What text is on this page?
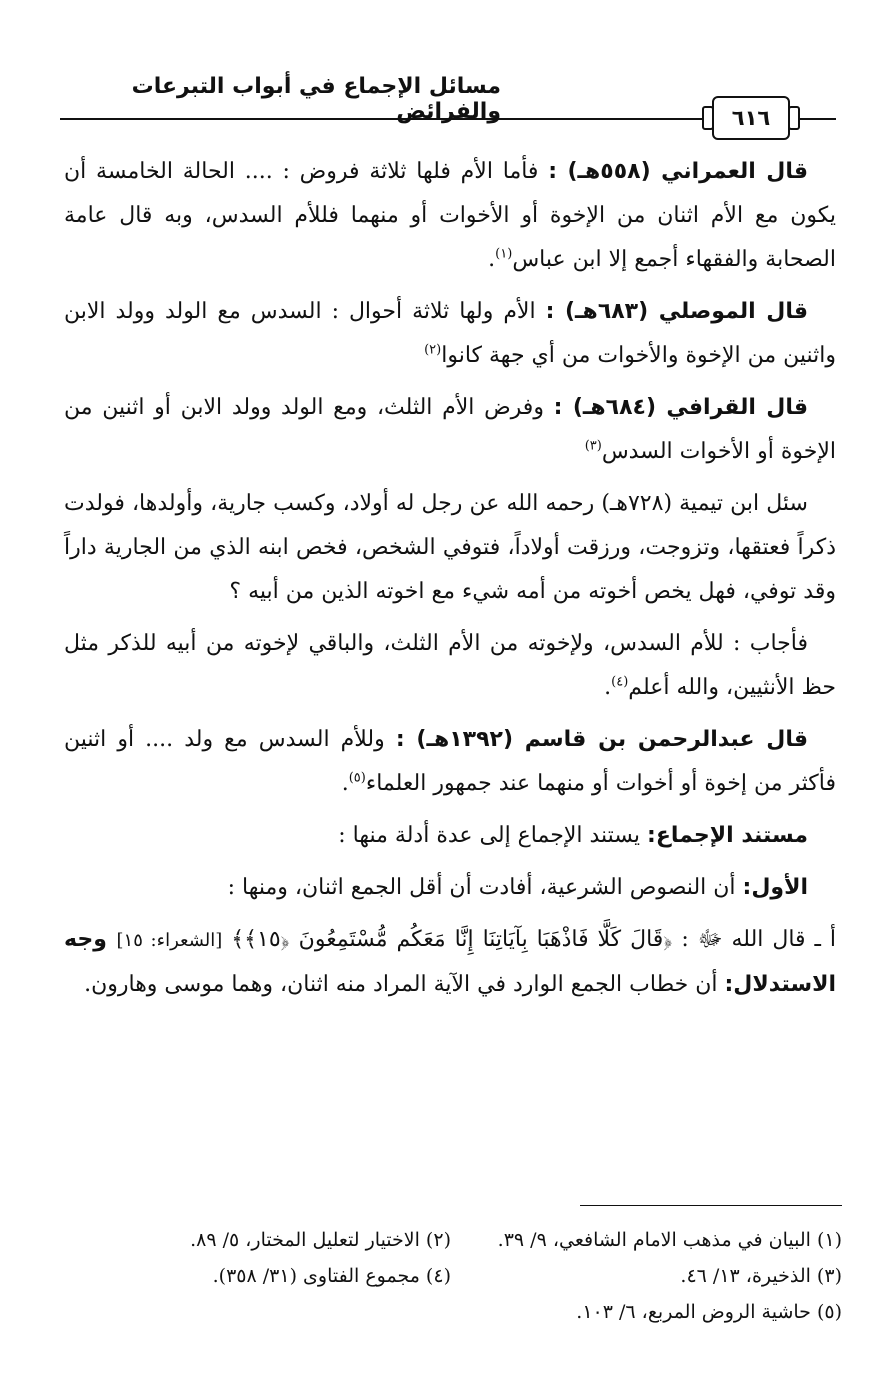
مسائل الإجماع في أبواب التبرعات والفرائض	٦١٦

قال العمراني (٥٥٨هـ) : فأما الأم فلها ثلاثة فروض : .... الحالة الخامسة أن يكون مع الأم اثنان من الإخوة أو الأخوات أو منهما فللأم السدس، وبه قال عامة الصحابة والفقهاء أجمع إلا ابن عباس$^{(١)}$.

قال الموصلي (٦٨٣هـ) : الأم ولها ثلاثة أحوال : السدس مع الولد وولد الابن واثنين من الإخوة والأخوات من أي جهة كانوا$^{(٢)}$

قال القرافي (٦٨٤هـ) : وفرض الأم الثلث، ومع الولد وولد الابن أو اثنين من الإخوة أو الأخوات السدس$^{(٣)}$

سئل ابن تيمية (٧٢٨هـ) رحمه الله عن رجل له أولاد، وكسب جارية، وأولدها، فولدت ذكراً فعتقها، وتزوجت، ورزقت أولاداً، فتوفي الشخص، فخص ابنه الذي من الجارية داراً وقد توفي، فهل يخص أخوته من أمه شيء مع اخوته الذين من أبيه ؟

فأجاب : للأم السدس، ولإخوته من الأم الثلث، والباقي لإخوته من أبيه للذكر مثل حظ الأنثيين، والله أعلم$^{(٤)}$.

قال عبدالرحمن بن قاسم (١٣٩٢هـ) : وللأم السدس مع ولد .... أو اثنين فأكثر من إخوة أو أخوات أو منهما عند جمهور العلماء$^{(٥)}$.

مستند الإجماع: يستند الإجماع إلى عدة أدلة منها :

الأول: أن النصوص الشرعية، أفادت أن أقل الجمع اثنان، ومنها :

أ ـ قال الله ﷻ : ﴿قَالَ كَلَّا فَاذْهَبَا بِآيَاتِنَا إِنَّا مَعَكُم مُّسْتَمِعُونَ ﴿١٥﴾﴾ [الشعراء: ١٥] وجه الاستدلال: أن خطاب الجمع الوارد في الآية المراد منه اثنان، وهما موسى وهارون.

(١) البيان في مذهب الامام الشافعي، ٩/ ٣٩.
(٢) الاختيار لتعليل المختار، ٥/ ٨٩.
(٣) الذخيرة، ١٣/ ٤٦.
(٤) مجموع الفتاوى (٣١/ ٣٥٨).
(٥) حاشية الروض المربع، ٦/ ١٠٣.
